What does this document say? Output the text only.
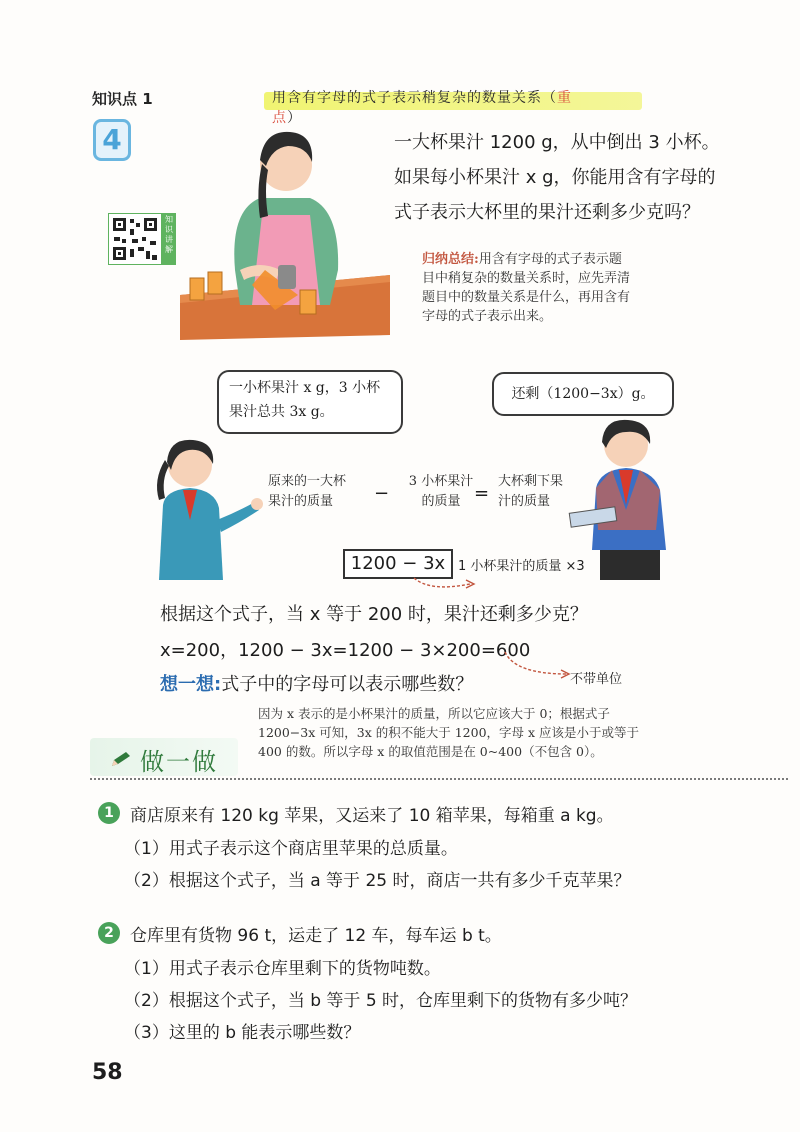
知识点 1	用含有字母的式子表示稍复杂的数量关系（重点）
4
知识讲解
一大杯果汁 1200 g，从中倒出 3 小杯。
如果每小杯果汁 x g，你能用含有字母的
式子表示大杯里的果汁还剩多少克吗？
归纳总结:用含有字母的式子表示题
目中稍复杂的数量关系时，应先弄清
题目中的数量关系是什么，再用含有
字母的式子表示出来。
一小杯果汁 x g，3 小杯
果汁总共 3x g。
还剩（1200−3x）g。
原来的一大杯
果汁的质量	−
3 小杯果汁
的质量 =
大杯剩下果
汁的质量
1200 − 3x 1 小杯果汁的质量 ×3
根据这个式子，当 x 等于 200 时，果汁还剩多少克？
x=200，1200 − 3x=1200 − 3×200=600
想一想:式子中的字母可以表示哪些数？	不带单位
因为 x 表示的是小杯果汁的质量，所以它应该大于 0；根据式子
1200−3x 可知，3x 的积不能大于 1200，字母 x 应该是小于或等于
400 的数。所以字母 x 的取值范围是在 0~400（不包含 0）。
做一做
1 商店原来有 120 kg 苹果，又运来了 10 箱苹果，每箱重 a kg。
（1）用式子表示这个商店里苹果的总质量。
（2）根据这个式子，当 a 等于 25 时，商店一共有多少千克苹果？
2 仓库里有货物 96 t，运走了 12 车，每车运 b t。
（1）用式子表示仓库里剩下的货物吨数。
（2）根据这个式子，当 b 等于 5 时，仓库里剩下的货物有多少吨？
（3）这里的 b 能表示哪些数？
58
